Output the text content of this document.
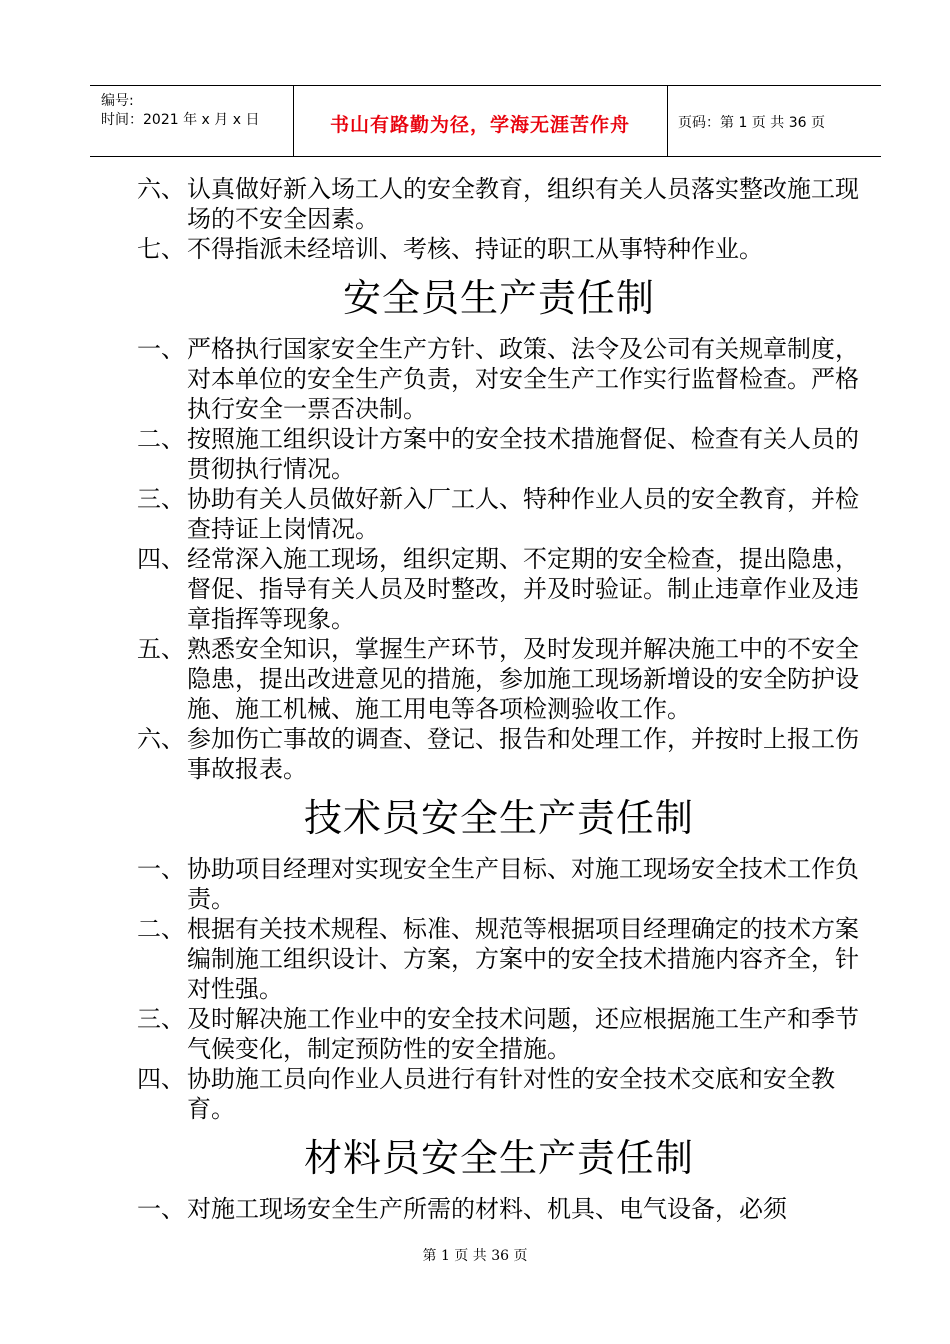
编号:
时间：2021 年 x 月 x 日	书山有路勤为径，学海无涯苦作舟	页码：第 1 页 共 36 页
六、 认真做好新入场工人的安全教育，组织有关人员落实整改施工现场的不安全因素。
七、 不得指派未经培训、考核、持证的职工从事特种作业。
安全员生产责任制
一、 严格执行国家安全生产方针、政策、法令及公司有关规章制度，对本单位的安全生产负责，对安全生产工作实行监督检查。严格执行安全一票否决制。
二、 按照施工组织设计方案中的安全技术措施督促、检查有关人员的贯彻执行情况。
三、 协助有关人员做好新入厂工人、特种作业人员的安全教育，并检查持证上岗情况。
四、 经常深入施工现场，组织定期、不定期的安全检查，提出隐患，督促、指导有关人员及时整改，并及时验证。制止违章作业及违章指挥等现象。
五、 熟悉安全知识，掌握生产环节，及时发现并解决施工中的不安全隐患，提出改进意见的措施，参加施工现场新增设的安全防护设施、施工机械、施工用电等各项检测验收工作。
六、 参加伤亡事故的调查、登记、报告和处理工作，并按时上报工伤事故报表。
技术员安全生产责任制
一、 协助项目经理对实现安全生产目标、对施工现场安全技术工作负责。
二、 根据有关技术规程、标准、规范等根据项目经理确定的技术方案编制施工组织设计、方案，方案中的安全技术措施内容齐全，针对性强。
三、 及时解决施工作业中的安全技术问题，还应根据施工生产和季节气候变化，制定预防性的安全措施。
四、 协助施工员向作业人员进行有针对性的安全技术交底和安全教育。
材料员安全生产责任制
一、 对施工现场安全生产所需的材料、机具、电气设备，必须
第 1 页 共 36 页
